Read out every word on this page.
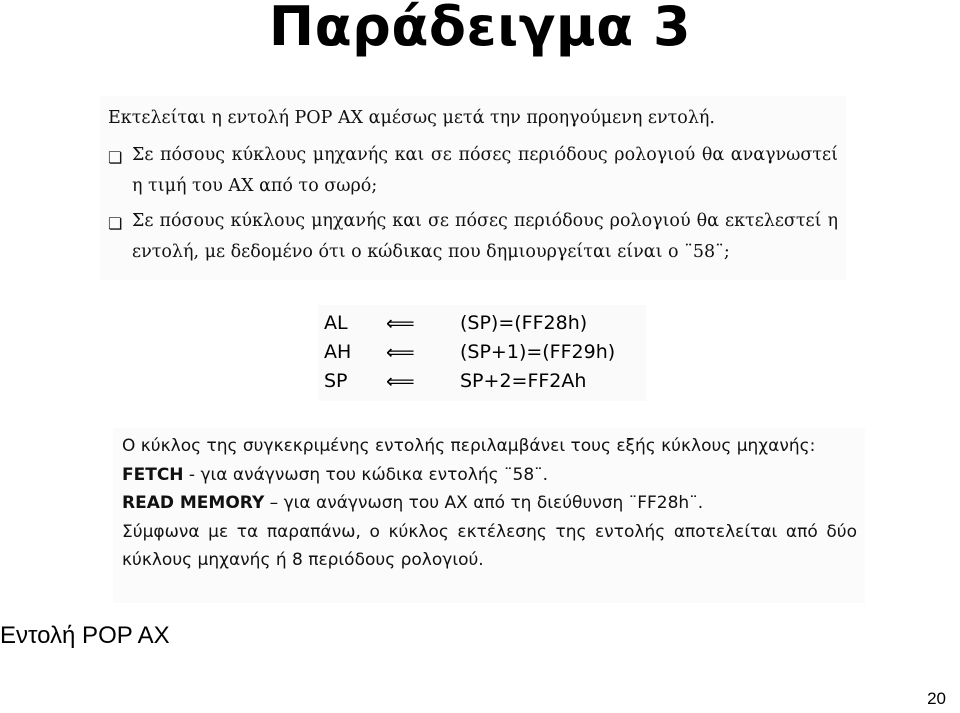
Παράδειγμα 3
Εκτελείται η εντολή POP AX αμέσως μετά την προηγούμενη εντολή.
❏ Σε πόσους κύκλους μηχανής και σε πόσες περιόδους ρολογιού θα αναγνωστεί η τιμή του AX από το σωρό;
❏ Σε πόσους κύκλους μηχανής και σε πόσες περιόδους ρολογιού θα εκτελεστεί η εντολή, με δεδομένο ότι ο κώδικας που δημιουργείται είναι ο ¨58¨;
AL	⟸	(SP)=(FF28h)
AH	⟸	(SP+1)=(FF29h)
SP	⟸	SP+2=FF2Ah

Ο κύκλος της συγκεκριμένης εντολής περιλαμβάνει τους εξής κύκλους μηχανής:

FETCH - για ανάγνωση του κώδικα εντολής ¨58¨.

READ MEMORY – για ανάγνωση του AX από τη διεύθυνση ¨FF28h¨.

Σύμφωνα με τα παραπάνω, ο κύκλος εκτέλεσης της εντολής αποτελείται από δύο κύκλους μηχανής ή 8 περιόδους ρολογιού.

Εντολή POP AX
20
